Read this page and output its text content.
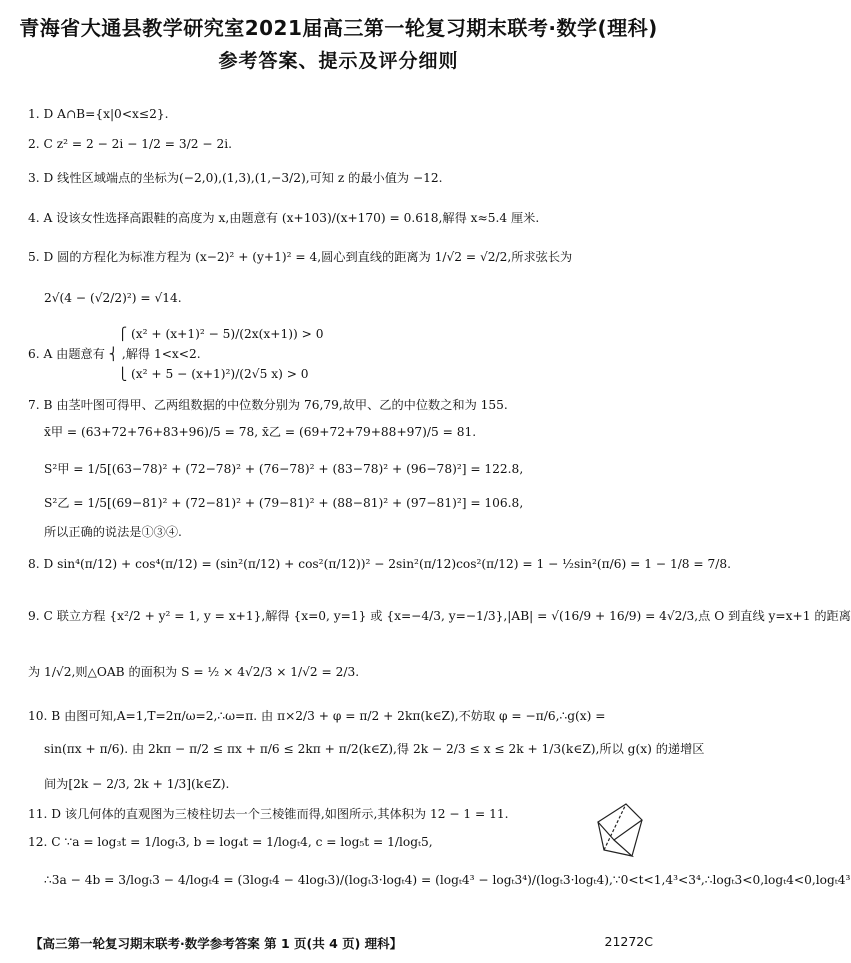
青海省大通县教学研究室2021届高三第一轮复习期末联考·数学(理科)
参考答案、提示及评分细则
1. D A∩B={x|0<x≤2}.
2. C z² = 2 − 2i − 1/2 = 3/2 − 2i.
3. D 线性区域端点的坐标为(−2,0),(1,3),(1,−3/2),可知 z 的最小值为 −12.
4. A 设该女性选择高跟鞋的高度为 x,由题意有 (x+103)/(x+170) = 0.618,解得 x≈5.4 厘米.
5. D 圆的方程化为标准方程为 (x−2)² + (y+1)² = 4,圆心到直线的距离为 1/√2 = √2/2,所求弦长为
2√(4 − (√2/2)²) = √14.
⎧ (x² + (x+1)² − 5)/(2x(x+1)) > 0
6. A 由题意有 ⎨ ,解得 1<x<2.
⎩ (x² + 5 − (x+1)²)/(2√5 x) > 0
7. B 由茎叶图可得甲、乙两组数据的中位数分别为 76,79,故甲、乙的中位数之和为 155.
x̄甲 = (63+72+76+83+96)/5 = 78, x̄乙 = (69+72+79+88+97)/5 = 81.
S²甲 = 1/5[(63−78)² + (72−78)² + (76−78)² + (83−78)² + (96−78)²] = 122.8,
S²乙 = 1/5[(69−81)² + (72−81)² + (79−81)² + (88−81)² + (97−81)²] = 106.8,
所以正确的说法是①③④.
8. D sin⁴(π/12) + cos⁴(π/12) = (sin²(π/12) + cos²(π/12))² − 2sin²(π/12)cos²(π/12) = 1 − ½sin²(π/6) = 1 − 1/8 = 7/8.
9. C 联立方程 {x²/2 + y² = 1, y = x+1},解得 {x=0, y=1} 或 {x=−4/3, y=−1/3},|AB| = √(16/9 + 16/9) = 4√2/3,点 O 到直线 y=x+1 的距离
为 1/√2,则△OAB 的面积为 S = ½ × 4√2/3 × 1/√2 = 2/3.
10. B 由图可知,A=1,T=2π/ω=2,∴ω=π. 由 π×2/3 + φ = π/2 + 2kπ(k∈Z),不妨取 φ = −π/6,∴g(x) =
sin(πx + π/6). 由 2kπ − π/2 ≤ πx + π/6 ≤ 2kπ + π/2(k∈Z),得 2k − 2/3 ≤ x ≤ 2k + 1/3(k∈Z),所以 g(x) 的递增区
间为[2k − 2/3, 2k + 1/3](k∈Z).
11. D 该几何体的直观图为三棱柱切去一个三棱锥而得,如图所示,其体积为 12 − 1 = 11.
12. C ∵a = log₃t = 1/logₜ3, b = log₄t = 1/logₜ4, c = log₅t = 1/logₜ5,
∴3a − 4b = 3/logₜ3 − 4/logₜ4 = (3logₜ4 − 4logₜ3)/(logₜ3·logₜ4) = (logₜ4³ − logₜ3⁴)/(logₜ3·logₜ4),∵0<t<1,4³<3⁴,∴logₜ3<0,logₜ4<0,logₜ4³
【高三第一轮复习期末联考·数学参考答案 第 1 页(共 4 页) 理科】	21272C
